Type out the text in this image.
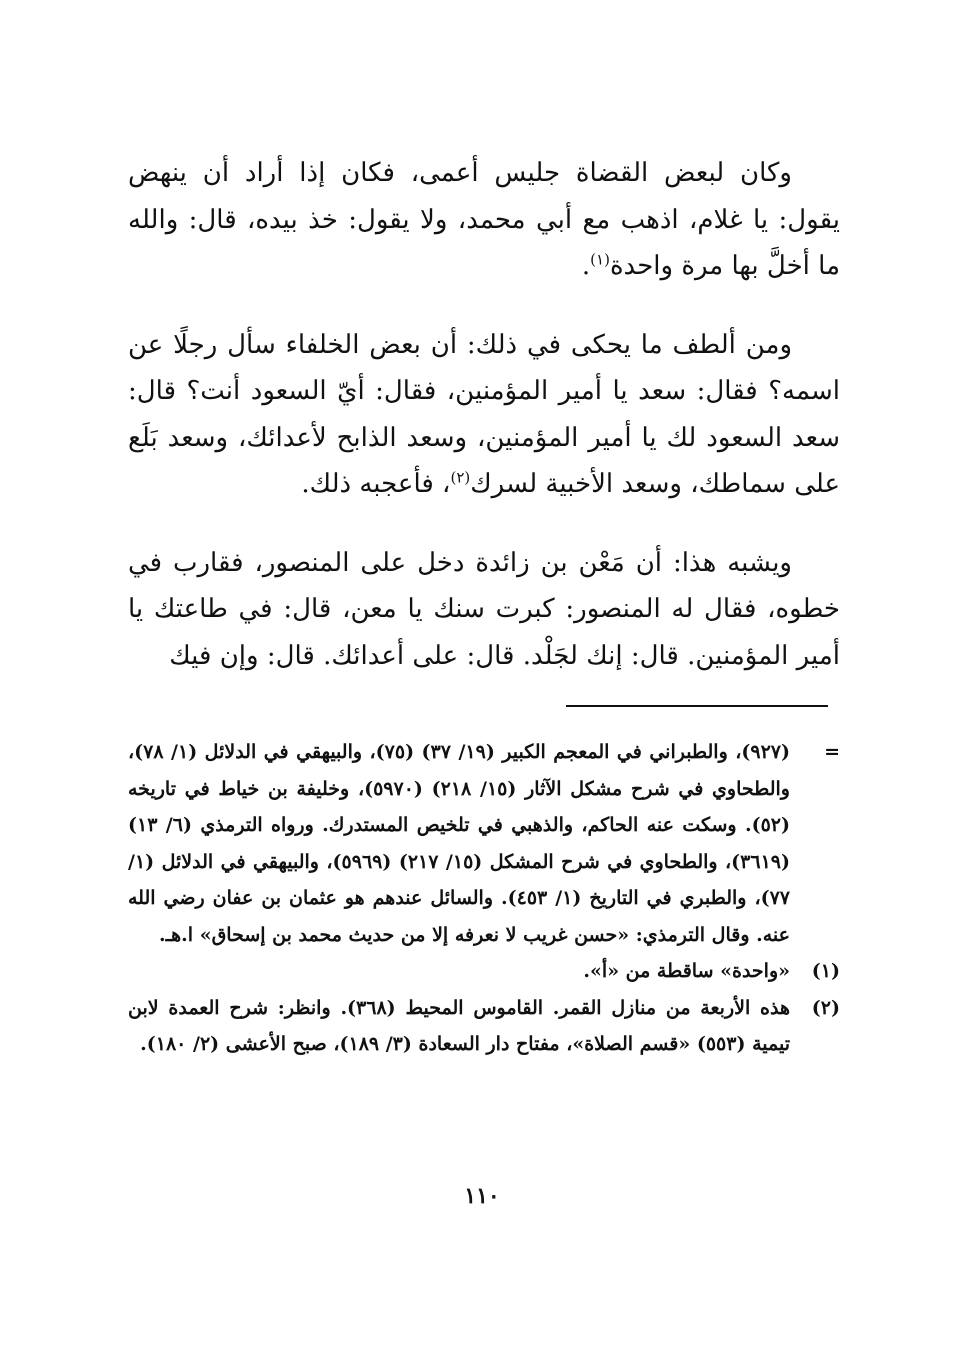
وكان لبعض القضاة جليس أعمى، فكان إذا أراد أن ينهض يقول: يا غلام، اذهب مع أبي محمد، ولا يقول: خذ بيده، قال: والله ما أخلَّ بها مرة واحدة$^{(١)}$.

ومن ألطف ما يحكى في ذلك: أن بعض الخلفاء سأل رجلًا عن اسمه؟ فقال: سعد يا أمير المؤمنين، فقال: أيّ السعود أنت؟ قال: سعد السعود لك يا أمير المؤمنين، وسعد الذابح لأعدائك، وسعد بَلَع على سماطك، وسعد الأخبية لسرك$^{(٢)}$، فأعجبه ذلك.

ويشبه هذا: أن مَعْن بن زائدة دخل على المنصور، فقارب في خطوه، فقال له المنصور: كبرت سنك يا معن، قال: في طاعتك يا أمير المؤمنين. قال: إنك لجَلْد. قال: على أعدائك. قال: وإن فيك

=
(٩٢٧)، والطبراني في المعجم الكبير (١٩/ ٣٧) (٧٥)، والبيهقي في الدلائل (١/ ٧٨)، والطحاوي في شرح مشكل الآثار (١٥/ ٢١٨) (٥٩٧٠)، وخليفة بن خياط في تاريخه (٥٢). وسكت عنه الحاكم، والذهبي في تلخيص المستدرك. ورواه الترمذي (٦/ ١٣) (٣٦١٩)، والطحاوي في شرح المشكل (١٥/ ٢١٧) (٥٩٦٩)، والبيهقي في الدلائل (١/ ٧٧)، والطبري في التاريخ (١/ ٤٥٣). والسائل عندهم هو عثمان بن عفان رضي الله عنه. وقال الترمذي: «حسن غريب لا نعرفه إلا من حديث محمد بن إسحاق» ا.هـ.
(١)
«واحدة» ساقطة من «أ».
(٢)
هذه الأربعة من منازل القمر. القاموس المحيط (٣٦٨). وانظر: شرح العمدة لابن تيمية (٥٥٣) «قسم الصلاة»، مفتاح دار السعادة (٣/ ١٨٩)، صبح الأعشى (٢/ ١٨٠).
١١٠
